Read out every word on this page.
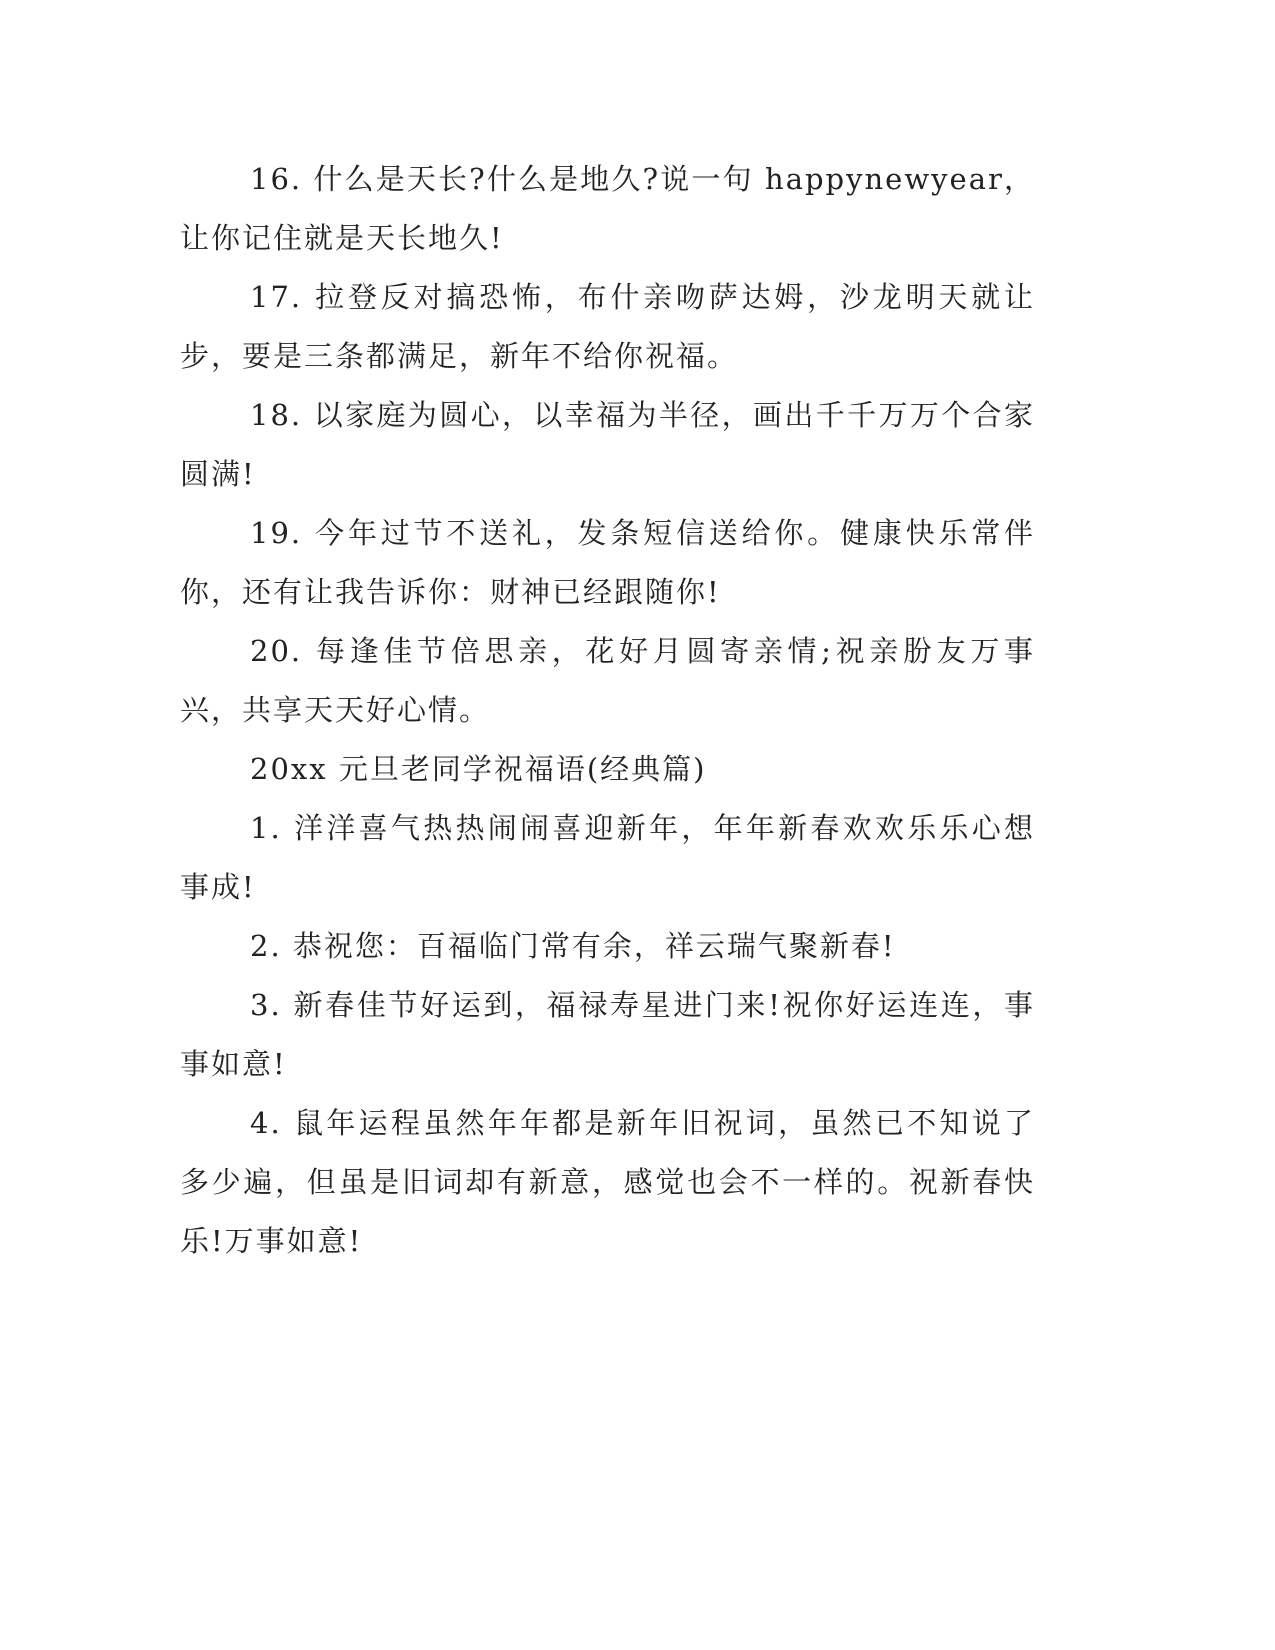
16. 什么是天长?什么是地久?说一句 happynewyear，让你记住就是天长地久!

17. 拉登反对搞恐怖，布什亲吻萨达姆，沙龙明天就让步，要是三条都满足，新年不给你祝福。

18. 以家庭为圆心，以幸福为半径，画出千千万万个合家圆满!

19. 今年过节不送礼，发条短信送给你。健康快乐常伴你，还有让我告诉你：财神已经跟随你!

20. 每逢佳节倍思亲，花好月圆寄亲情;祝亲朌友万事兴，共享天天好心情。

20xx 元旦老同学祝福语(经典篇)

1. 洋洋喜气热热闹闹喜迎新年，年年新春欢欢乐乐心想事成!

2. 恭祝您：百福临门常有余，祥云瑞气聚新春!

3. 新春佳节好运到，福禄寿星进门来!祝你好运连连，事事如意!

4. 鼠年运程虽然年年都是新年旧祝词，虽然已不知说了多少遍，但虽是旧词却有新意，感觉也会不一样的。祝新春快乐!万事如意!
